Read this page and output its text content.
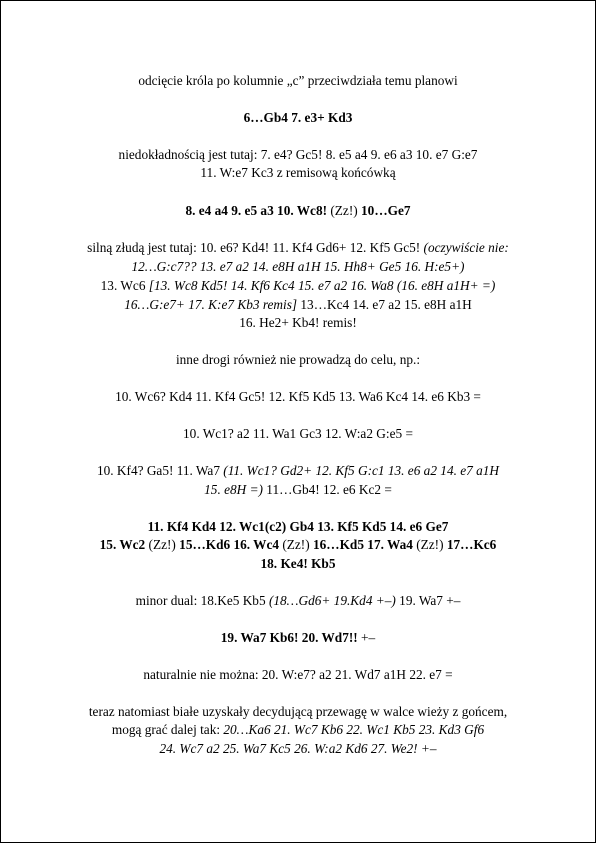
odcięcie króla po kolumnie „c” przeciwdziała temu planowi

6…Gb4 7. e3+ Kd3

niedokładnością jest tutaj: 7. e4? Gc5! 8. e5 a4 9. e6 a3 10. e7 G:e7

11. W:e7 Kc3 z remisową końcówką

8. e4 a4 9. e5 a3 10. Wc8! (Zz!) 10…Ge7

silną złudą jest tutaj: 10. e6? Kd4! 11. Kf4 Gd6+ 12. Kf5 Gc5! (oczywiście nie:

12…G:c7?? 13. e7 a2 14. e8H a1H 15. Hh8+ Ge5 16. H:e5+)

13. Wc6 [13. Wc8 Kd5! 14. Kf6 Kc4 15. e7 a2 16. Wa8 (16. e8H a1H+ =)

16…G:e7+ 17. K:e7 Kb3 remis] 13…Kc4 14. e7 a2 15. e8H a1H

16. He2+ Kb4! remis!

inne drogi również nie prowadzą do celu, np.:

10. Wc6? Kd4 11. Kf4 Gc5! 12. Kf5 Kd5 13. Wa6 Kc4 14. e6 Kb3 =

10. Wc1? a2 11. Wa1 Gc3 12. W:a2 G:e5 =

10. Kf4? Ga5! 11. Wa7 (11. Wc1? Gd2+ 12. Kf5 G:c1 13. e6 a2 14. e7 a1H

15. e8H =) 11…Gb4! 12. e6 Kc2 =

11. Kf4 Kd4 12. Wc1(c2) Gb4 13. Kf5 Kd5 14. e6 Ge7

15. Wc2 (Zz!) 15…Kd6 16. Wc4 (Zz!) 16…Kd5 17. Wa4 (Zz!) 17…Kc6

18. Ke4! Kb5

minor dual: 18.Ke5 Kb5 (18…Gd6+ 19.Kd4 +–) 19. Wa7 +–

19. Wa7 Kb6! 20. Wd7!! +–

naturalnie nie można: 20. W:e7? a2 21. Wd7 a1H 22. e7 =

teraz natomiast białe uzyskały decydującą przewagę w walce wieży z gońcem,

mogą grać dalej tak: 20…Ka6 21. Wc7 Kb6 22. Wc1 Kb5 23. Kd3 Gf6

24. Wc7 a2 25. Wa7 Kc5 26. W:a2 Kd6 27. We2! +–
